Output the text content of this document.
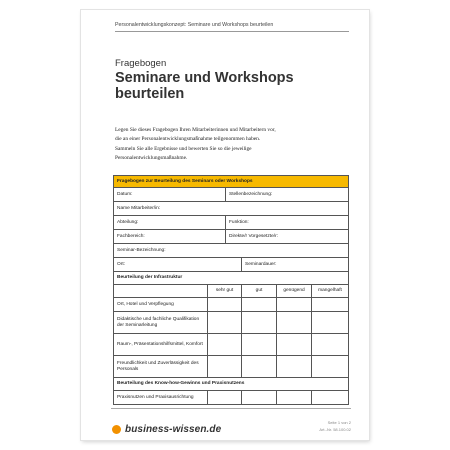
Personalentwicklungskonzept: Seminare und Workshops beurteilen
Fragebogen
Seminare und Workshops beurteilen
Legen Sie dieses Fragebogen Ihren Mitarbeiterinnen und Mitarbeitern vor,
die an einer Personalentwicklungsmaßnahme teilgenommen haben.
Sammeln Sie alle Ergebnisse und bewerten Sie so die jeweilige
Personalentwicklungsmaßnahme.
Fragebogen zur Beurteilung des Seminars oder Workshops					
Datum:		Stellenbezeichnung:			
Name Mitarbeiter/in:					
Abteilung:		Funktion:			
Fachbereich:		Direkte/r Vorgesetzte/r:			
Seminar-Bezeichnung:					
Ort:			Seminardauer:		
Beurteilung der Infrastruktur					
	sehr gut		gut	genügend	mangelhaft
Ort, Hotel und Verpflegung					
Didaktische und fachliche Qualifikation der Seminarleitung					
Raum-, Präsentationshilfsmittel, Komfort					
Freundlichkeit und Zuverlässigkeit des Personals					
Beurteilung des Know-how-Gewinns und Praxisnutzens					
Praxisnutzen und Praxisausrichtung					
business-wissen.de
Seite 1 von 2
Art.-Nr. 58.100.02
